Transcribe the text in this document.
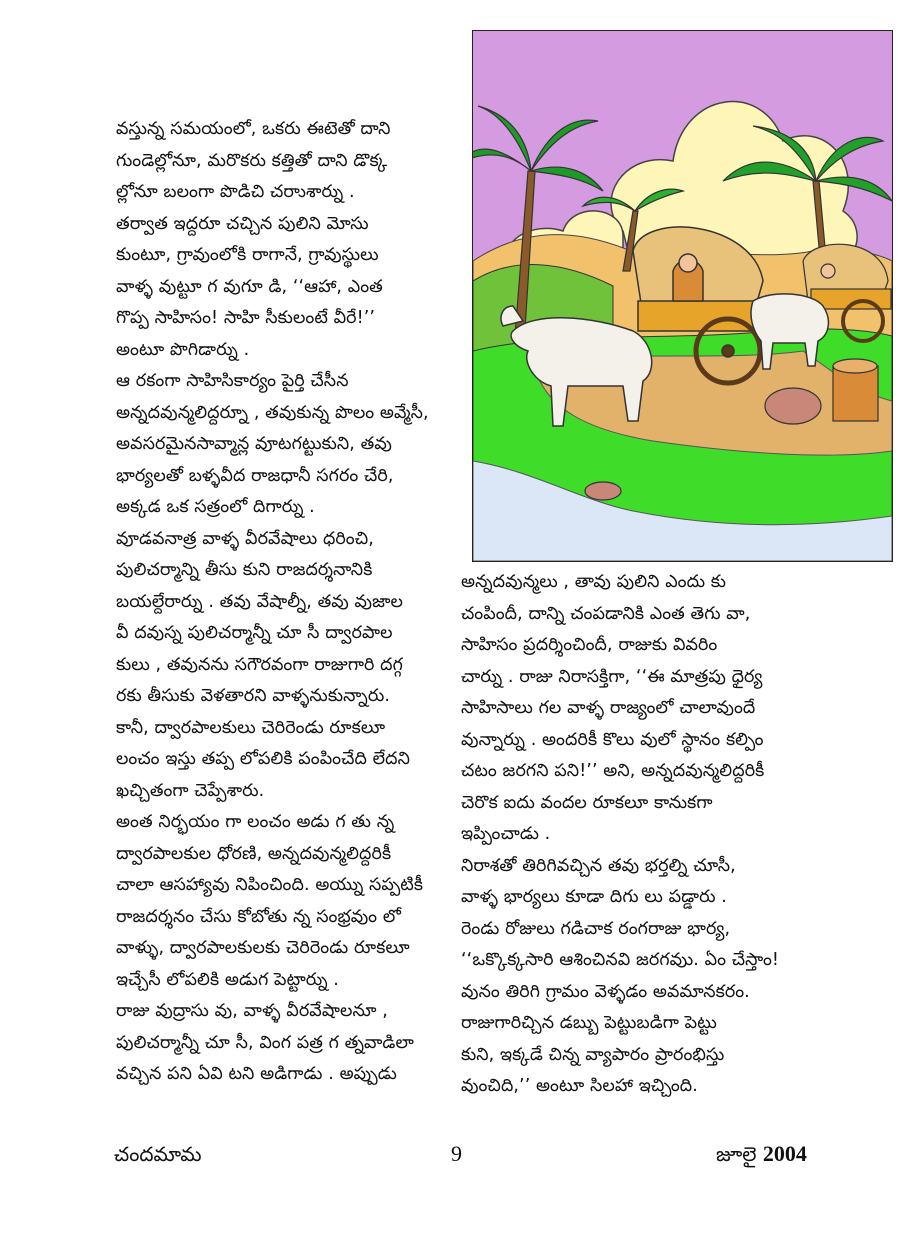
వస్తున్న సమయంలో, ఒకరు ఈటెతో దాని

గుండెల్లోనూ, మరొకరు కత్తితో దాని డొక్క

ల్లోనూ బలంగా పొడిచి చరాుశార్ను .

తర్వాత ఇద్దరూ చచ్చిన పులిని మోసు

కుంటూ, గ్రావుంలోకి రాగానే, గ్రావుస్థులు

వాళ్ళ వుట్టూ గ వుగూ డి, ‘‘ఆహా, ఎంత

గొప్ప సాహిసం! సాహి సీకులంటే వీరే!’’

అంటూ పొగిడార్ను .

ఆ రకంగా సాహిసికార్యం పైర్తి చేసీన

అన్నదవున్మలిద్దర్నూ , తవుకున్న పొలం అవ్మేసీ,

అవసరమైనసావ్మాన్ల వూటగట్టుకుని, తవు

భార్యలతో బళ్ళవీద రాజధానీ సగరం చేరి,

అక్కడ ఒక సత్రంలో దిగార్ను .

వూడవనాత్ర వాళ్ళ వీరవేషాలు ధరించి,

పులిచర్మాన్ని తీసు కుని రాజదర్శనానికి

బయల్దేరార్ను . తవు వేషాల్నీ, తవు వుజాల

వీ దవుస్న పులిచర్మాన్నీ చూ సీ ద్వారపాల

కులు , తవునను సగౌరవంగా రాజుగారి దగ్గ

రకు తీసుకు వెళతారని వాళ్ళనుకున్నారు.

కానీ, ద్వారపాలకులు చెరిరెండు రూకలూ

లంచం ఇస్తు తప్ప లోపలికి పంపించేది లేదని

ఖచ్చితంగా చెప్పేశారు.

అంత నిర్భయం గా లంచం అడు గ తు న్న

ద్వారపాలకుల ధోరణి, అన్నదవున్మలిద్దరికీ

చాలా ఆసహ్యావు నిపించింది. అయ్ను సప్పటికీ

రాజదర్శనం చేసు కోబోతు న్న సంభ్రవుం లో

వాళ్ళు, ద్వారపాలకులకు చెరిరెండు రూకలూ

ఇచ్చేసీ లోపలికి అడుగ పెట్టార్ను .

రాజు వుద్రాసు వు, వాళ్ళ వీరవేషాలనూ ,

పులిచర్మాన్నీ చూ సీ, వింగ పత్ర గ త్నవాడిలా

వచ్చిన పని ఏవి టని అడిగాడు . అప్పుడు

అన్నదవున్మలు , తావు పులిని ఎందు కు

చంపిందీ, దాన్ని చంపడానికి ఎంత తెగు వా,

సాహిసం ప్రదర్శించిందీ, రాజుకు వివరిం

చార్ను . రాజు నిరాసక్తిగా, ‘‘ఈ మాత్రపు ధైర్య

సాహిసాలు గల వాళ్ళ రాజ్యంలో చాలావుందే

వున్నార్ను . అందరికీ కొలు వులో స్థానం కల్పిం

చటం జరగని పని!’’ అని, అన్నదవున్మలిద్దరికీ

చెరొక ఐదు వందల రూకలూ కానుకగా

ఇప్పించాడు .

నిరాశతో తిరిగివచ్చిన తవు భర్తల్ని చూసీ,

వాళ్ళ భార్యలు కూడా దిగు లు పడ్డారు .

రెండు రోజులు గడిచాక రంగరాజు భార్య,

‘‘ఒక్కొక్కసారి ఆశించినవి జరగవుు. ఏం చేస్తాం!

వునం తిరిగి గ్రామం వెళ్ళడం అవమానకరం.

రాజుగారిచ్చిన డబ్బు పెట్టుబడిగా పెట్టు

కుని, ఇక్కడే చిన్న వ్యాపారం ప్రారంభిస్తు

వుంచిది,’’ అంటూ సిలహా ఇచ్చింది.

చందమామ	9	జూలై 2004
